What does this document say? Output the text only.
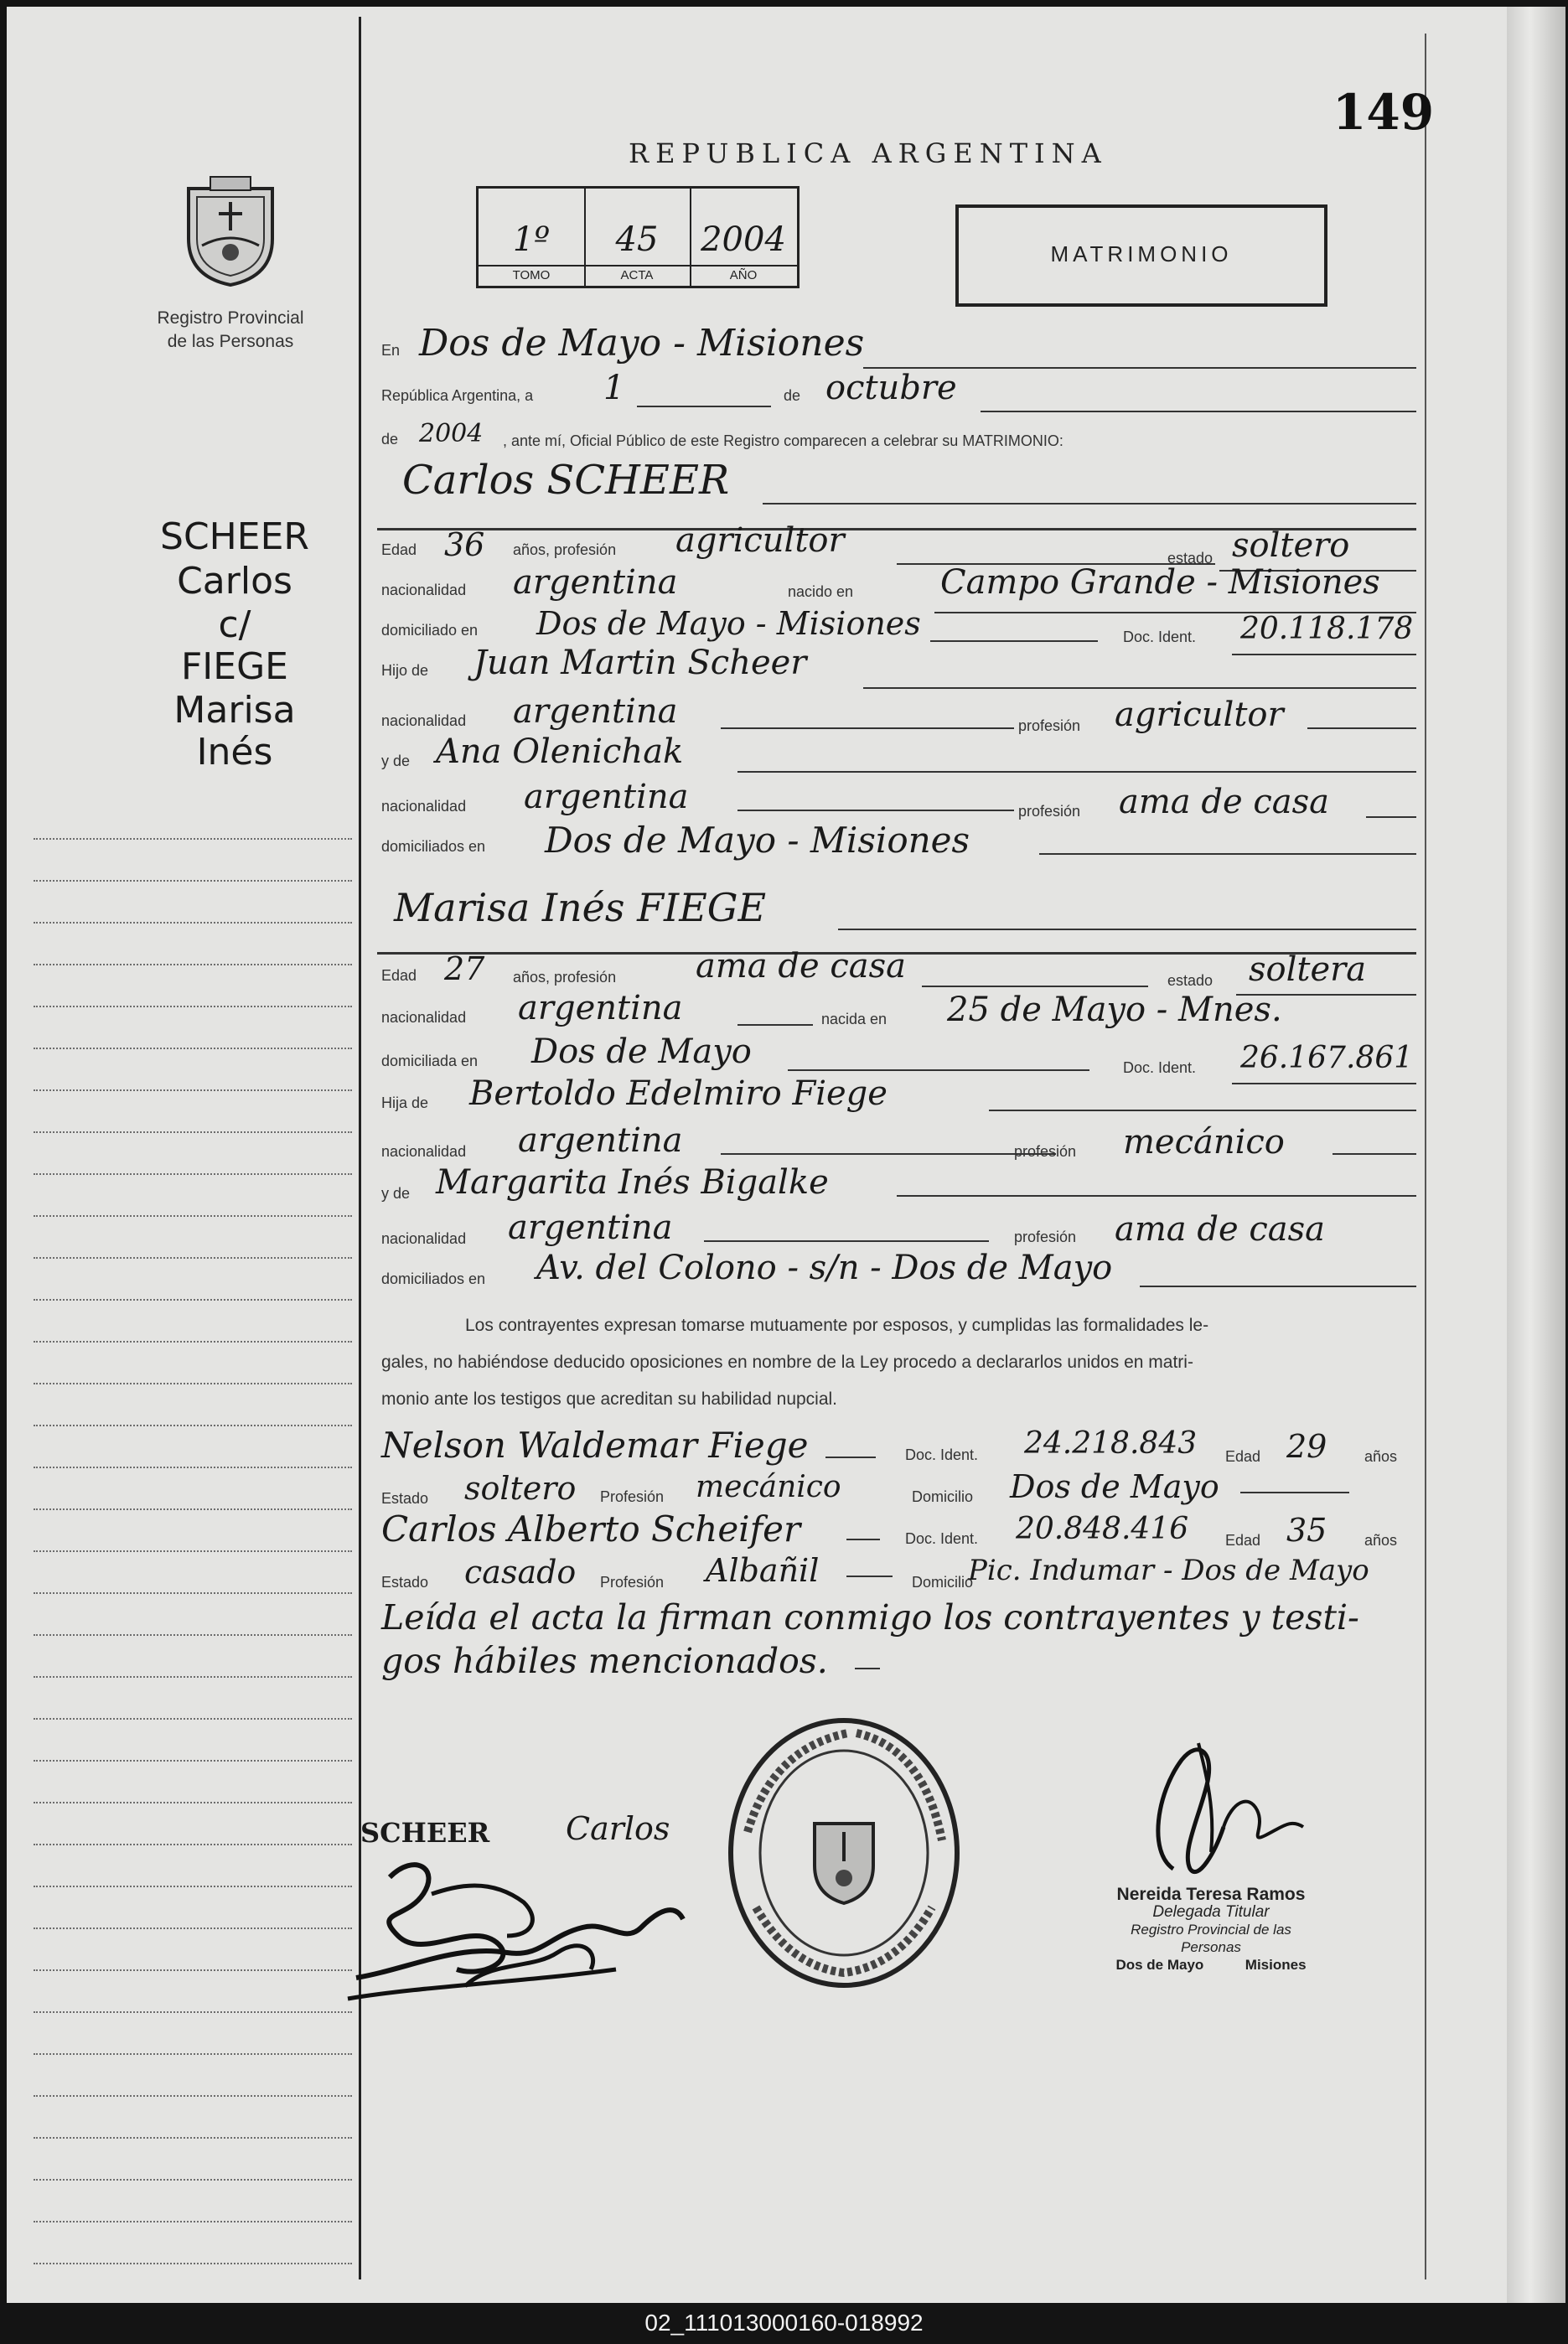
149
REPUBLICA ARGENTINA
Registro Provincial
de las Personas
1º
TOMO
45
ACTA
2004
AÑO
MATRIMONIO
SCHEER
Carlos
c/
FIEGE
Marisa
Inés
En Dos de Mayo - Misiones
República Argentina, a 1	de octubre
de 2004 , ante mí, Oficial Público de este Registro comparecen a celebrar su MATRIMONIO:
Carlos SCHEER
Edad 36 años, profesión agricultor	estado soltero
nacionalidad argentina	nacido en	Campo Grande - Misiones
domiciliado en Dos de Mayo - Misiones	Doc. Ident. 20.118.178
Hijo de Juan Martin Scheer
nacionalidad argentina	profesión agricultor
y de Ana Olenichak
nacionalidad argentina	profesión ama de casa
domiciliados en Dos de Mayo - Misiones
Marisa Inés FIEGE
Edad 27 años, profesión ama de casa	estado soltera
nacionalidad argentina	nacida en 25 de Mayo - Mnes.
domiciliada en Dos de Mayo	Doc. Ident. 26.167.861
Hija de Bertoldo Edelmiro Fiege
nacionalidad argentina	profesión mecánico
y de Margarita Inés Bigalke
nacionalidad argentina	profesión ama de casa
domiciliados en Av. del Colono - s/n - Dos de Mayo
Los contrayentes expresan tomarse mutuamente por esposos, y cumplidas las formalidades le-
gales, no habiéndose deducido oposiciones en nombre de la Ley procedo a declararlos unidos en matri-
monio ante los testigos que acreditan su habilidad nupcial.
Nelson Waldemar Fiege	Doc. Ident. 24.218.843 Edad 29 años
Estado soltero Profesión mecánico	Domicilio Dos de Mayo
Carlos Alberto Scheifer	Doc. Ident. 20.848.416 Edad 35 años
Estado casado Profesión Albañil	Domicilio
Pic. Indumar - Dos de Mayo
Leída el acta la firman conmigo los contrayentes y testi-
gos hábiles mencionados.
SCHEER Carlos
Nereida Teresa Ramos
Delegada Titular
Registro Provincial de las
Personas
Dos de Mayo	Misiones
02_111013000160-018992
